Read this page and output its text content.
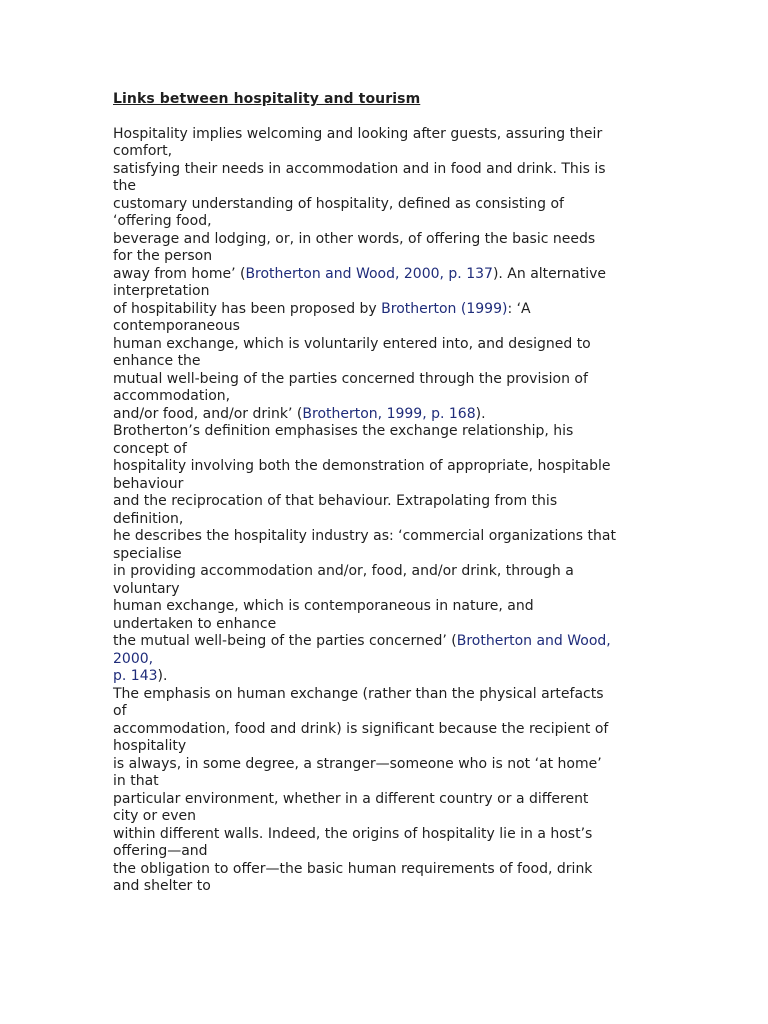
Links between hospitality and tourism
Hospitality implies welcoming and looking after guests, assuring their
comfort,
satisfying their needs in accommodation and in food and drink. This is
the
customary understanding of hospitality, defined as consisting of
‘offering food,
beverage and lodging, or, in other words, of offering the basic needs
for the person
away from home’ (Brotherton and Wood, 2000, p. 137). An alternative
interpretation
of hospitability has been proposed by Brotherton (1999): ‘A
contemporaneous
human exchange, which is voluntarily entered into, and designed to
enhance the
mutual well-being of the parties concerned through the provision of
accommodation,
and/or food, and/or drink’ (Brotherton, 1999, p. 168).
Brotherton’s definition emphasises the exchange relationship, his
concept of
hospitality involving both the demonstration of appropriate, hospitable
behaviour
and the reciprocation of that behaviour. Extrapolating from this
definition,
he describes the hospitality industry as: ‘commercial organizations that
specialise
in providing accommodation and/or, food, and/or drink, through a
voluntary
human exchange, which is contemporaneous in nature, and
undertaken to enhance
the mutual well-being of the parties concerned’ (Brotherton and Wood,
2000,
p. 143).
The emphasis on human exchange (rather than the physical artefacts
of
accommodation, food and drink) is significant because the recipient of
hospitality
is always, in some degree, a stranger—someone who is not ‘at home’
in that
particular environment, whether in a different country or a different
city or even
within different walls. Indeed, the origins of hospitality lie in a host’s
offering—and
the obligation to offer—the basic human requirements of food, drink
and shelter to
